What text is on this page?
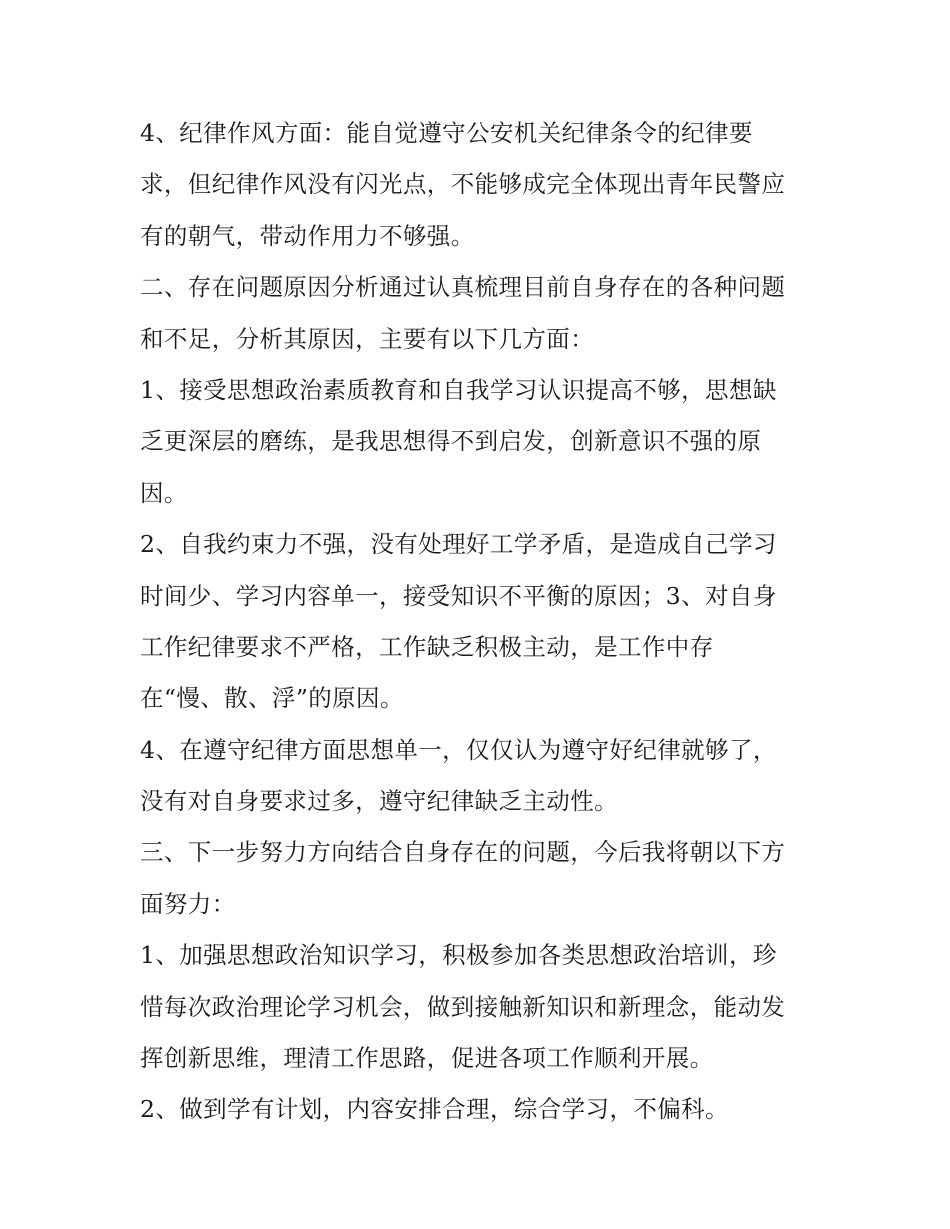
4、纪律作风方面：能自觉遵守公安机关纪律条令的纪律要
求，但纪律作风没有闪光点，不能够成完全体现出青年民警应
有的朝气，带动作用力不够强。
二、存在问题原因分析通过认真梳理目前自身存在的各种问题
和不足，分析其原因，主要有以下几方面：
1、接受思想政治素质教育和自我学习认识提高不够，思想缺
乏更深层的磨练，是我思想得不到启发，创新意识不强的原
因。
2、自我约束力不强，没有处理好工学矛盾，是造成自己学习
时间少、学习内容单一，接受知识不平衡的原因；3、对自身
工作纪律要求不严格，工作缺乏积极主动，是工作中存
在“慢、散、浮”的原因。
4、在遵守纪律方面思想单一，仅仅认为遵守好纪律就够了，
没有对自身要求过多，遵守纪律缺乏主动性。
三、下一步努力方向结合自身存在的问题，今后我将朝以下方
面努力：
1、加强思想政治知识学习，积极参加各类思想政治培训，珍
惜每次政治理论学习机会，做到接触新知识和新理念，能动发
挥创新思维，理清工作思路，促进各项工作顺利开展。
2、做到学有计划，内容安排合理，综合学习，不偏科。
